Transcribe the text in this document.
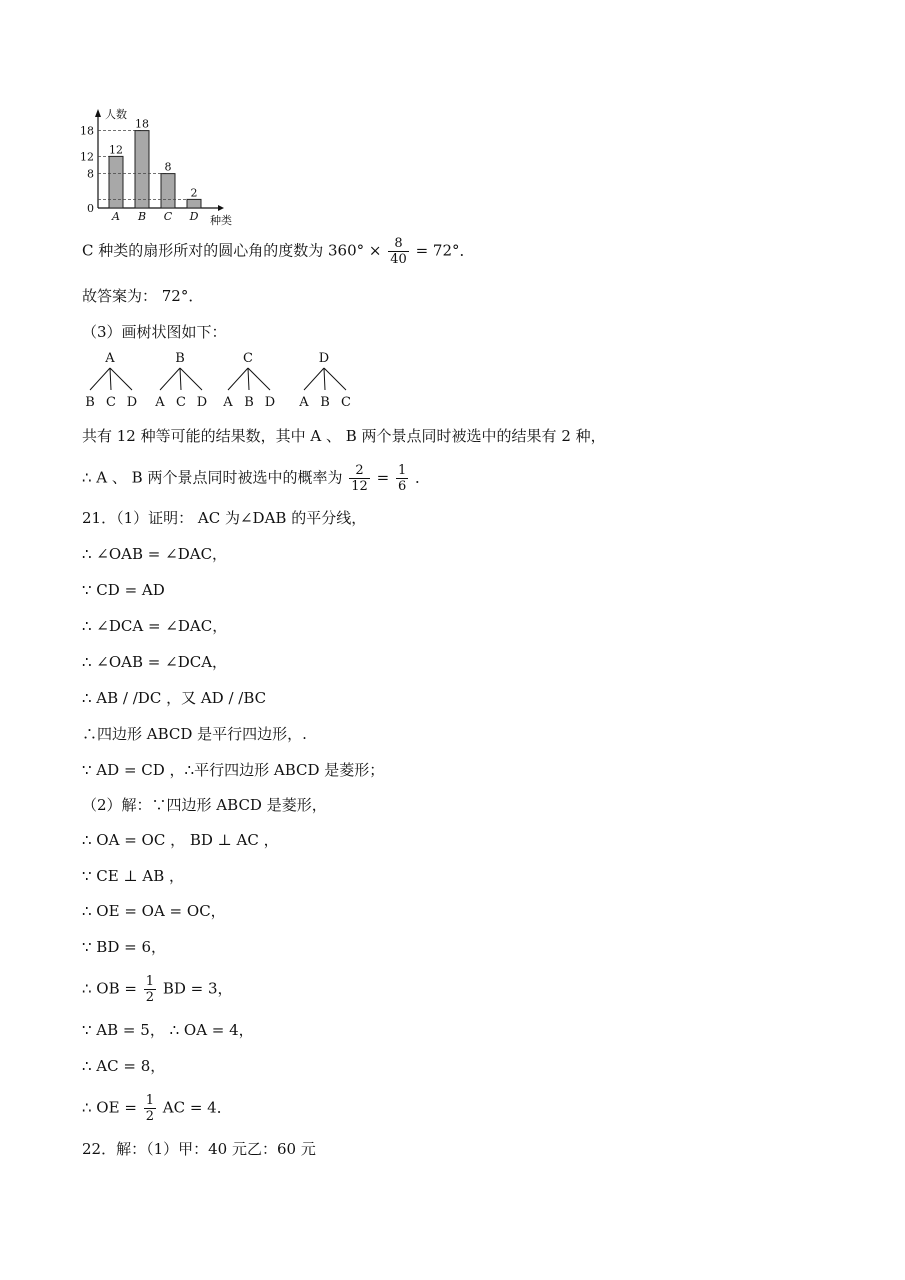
人数
种类
0
8
12
18
12
A
18
B
8
C
2
D
C 种类的扇形所对的圆心角的度数为 $360^\circ \times \frac{8}{40} = 72^\circ$．
故答案为： 72°．
（3）画树状图如下：
A
B C D
B
A C D
C
A B D
D
A B C
共有 12 种等可能的结果数，其中 A 、 B 两个景点同时被选中的结果有 2 种，
∴ A 、 B 两个景点同时被选中的概率为 $\frac{2}{12} = \frac{1}{6}$ ．
21．（1）证明： AC 为∠DAB 的平分线，
∴ ∠OAB = ∠DAC，
∵ CD = AD
∴ ∠DCA = ∠DAC，
∴ ∠OAB = ∠DCA，
∴ AB / /DC ，又 AD / /BC
∴四边形 ABCD 是平行四边形，.
∵ AD = CD ，∴平行四边形 ABCD 是菱形；
（2）解：∵四边形 ABCD 是菱形，
∴ OA = OC ， BD ⊥ AC ，
∵ CE ⊥ AB ，
∴ OE = OA = OC，
∵ BD = 6，
∴ OB = $\frac{1}{2}$ BD = 3，
∵ AB = 5， ∴ OA = 4，
∴ AC = 8，
∴ OE = $\frac{1}{2}$ AC = 4．
22．解：（1）甲：40 元乙：60 元
